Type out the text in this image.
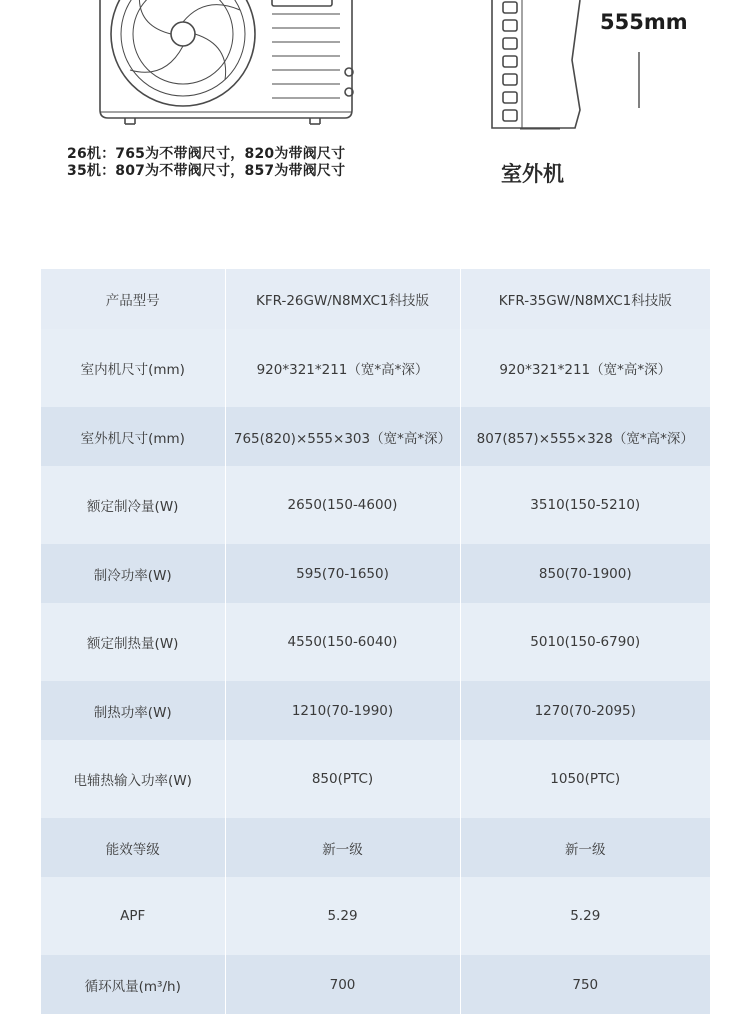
555mm
室外机
26机：765为不带阀尺寸，820为带阀尺寸
35机：807为不带阀尺寸，857为带阀尺寸
产品型号	KFR-26GW/N8MXC1科技版	KFR-35GW/N8MXC1科技版
室内机尺寸(mm)	920*321*211（宽*高*深）	920*321*211（宽*高*深）
室外机尺寸(mm)	765(820)×555×303（宽*高*深）	807(857)×555×328（宽*高*深）
额定制冷量(W)	2650(150-4600)	3510(150-5210)
制冷功率(W)	595(70-1650)	850(70-1900)
额定制热量(W)	4550(150-6040)	5010(150-6790)
制热功率(W)	1210(70-1990)	1270(70-2095)
电辅热输入功率(W)	850(PTC)	1050(PTC)
能效等级	新一级	新一级
APF	5.29	5.29
循环风量(m³/h)	700	750
